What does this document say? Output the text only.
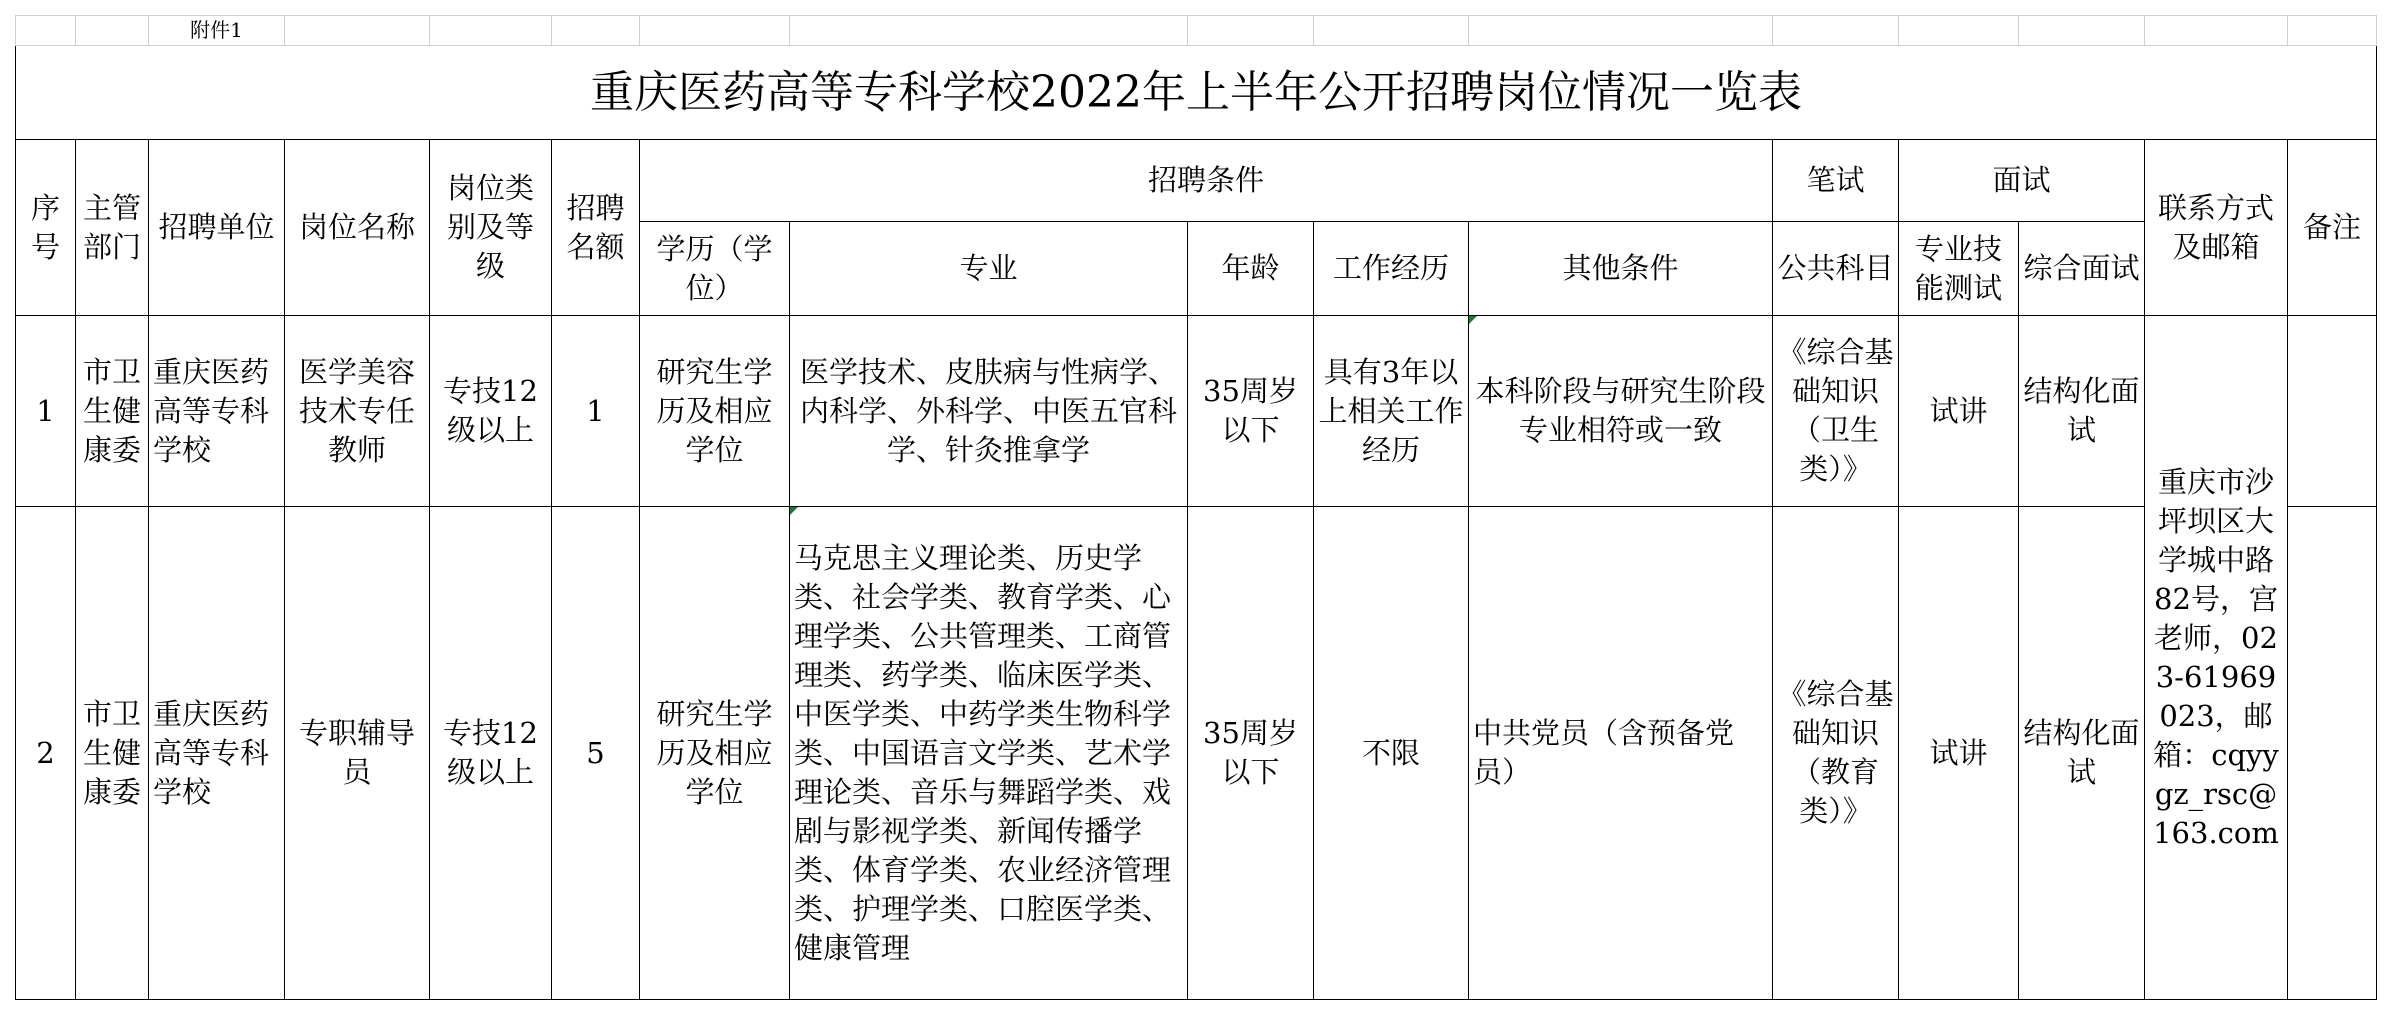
		附件1													
重庆医药高等专科学校2022年上半年公开招聘岗位情况一览表															
序号	主管部门	招聘单位	岗位名称	岗位类别及等级	招聘名额	招聘条件					笔试	面试		联系方式及邮箱	备注
						学历（学位）	专业	年龄	工作经历	其他条件	公共科目	专业技能测试	综合面试		
1	市卫生健康委	重庆医药高等专科学校	医学美容技术专任教师	专技12级以上	1	研究生学历及相应学位	医学技术、皮肤病与性病学、内科学、外科学、中医五官科学、针灸推拿学	35周岁以下	具有3年以上相关工作经历	本科阶段与研究生阶段专业相符或一致	《综合基础知识（卫生类）》	试讲	结构化面试	重庆市沙坪坝区大学城中路82号，宫老师，023-61969023，邮箱：cqyygz_rsc@163.com	
2	市卫生健康委	重庆医药高等专科学校	专职辅导员	专技12级以上	5	研究生学历及相应学位	马克思主义理论类、历史学类、社会学类、教育学类、心理学类、公共管理类、工商管理类、药学类、临床医学类、中医学类、中药学类生物科学类、中国语言文学类、艺术学理论类、音乐与舞蹈学类、戏剧与影视学类、新闻传播学类、体育学类、农业经济管理类、护理学类、口腔医学类、健康管理	35周岁以下	不限	中共党员（含预备党员）	《综合基础知识（教育类）》	试讲	结构化面试		
